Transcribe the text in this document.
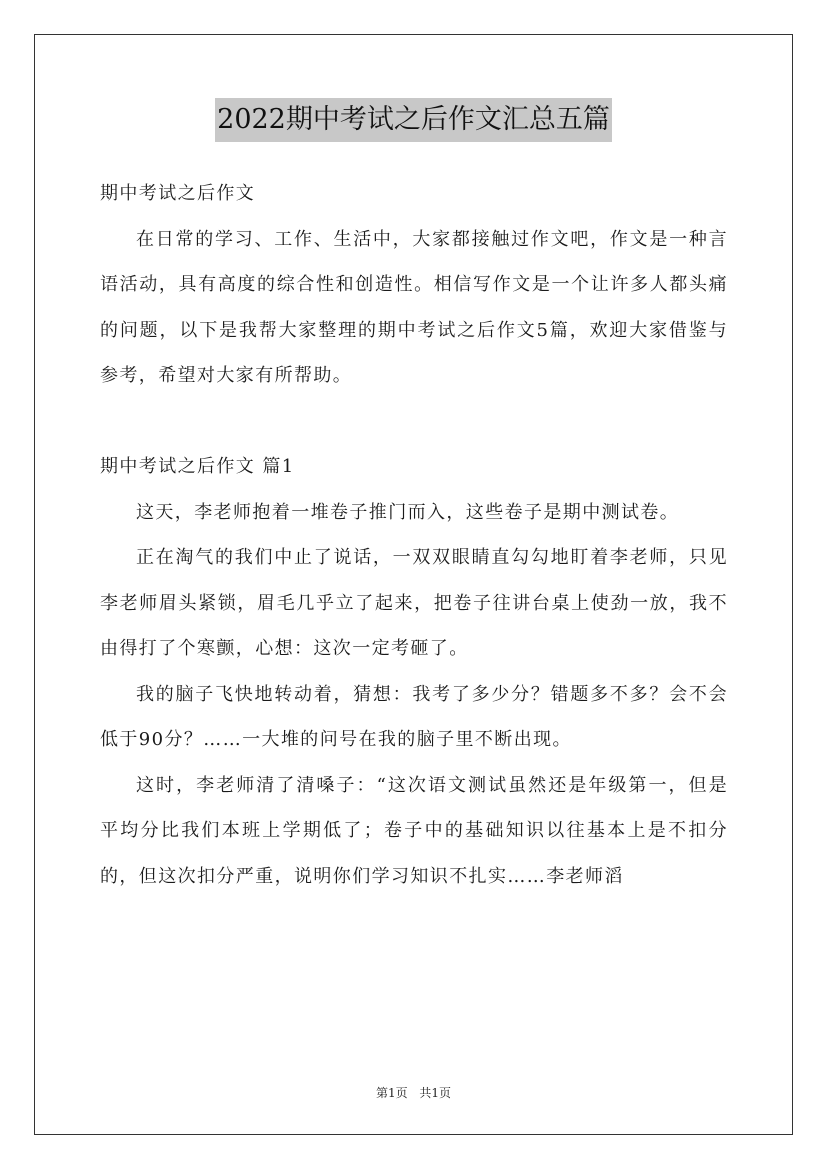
2022期中考试之后作文汇总五篇

期中考试之后作文

在日常的学习、工作、生活中，大家都接触过作文吧，作文是一种言语活动，具有高度的综合性和创造性。相信写作文是一个让许多人都头痛的问题，以下是我帮大家整理的期中考试之后作文5篇，欢迎大家借鉴与参考，希望对大家有所帮助。

期中考试之后作文 篇1

这天，李老师抱着一堆卷子推门而入，这些卷子是期中测试卷。

正在淘气的我们中止了说话，一双双眼睛直勾勾地盯着李老师，只见李老师眉头紧锁，眉毛几乎立了起来，把卷子往讲台桌上使劲一放，我不由得打了个寒颤，心想：这次一定考砸了。

我的脑子飞快地转动着，猜想：我考了多少分？错题多不多？会不会低于90分？……一大堆的问号在我的脑子里不断出现。

这时，李老师清了清嗓子：“这次语文测试虽然还是年级第一，但是平均分比我们本班上学期低了；卷子中的基础知识以往基本上是不扣分的，但这次扣分严重，说明你们学习知识不扎实……李老师滔

第1页 共1页
